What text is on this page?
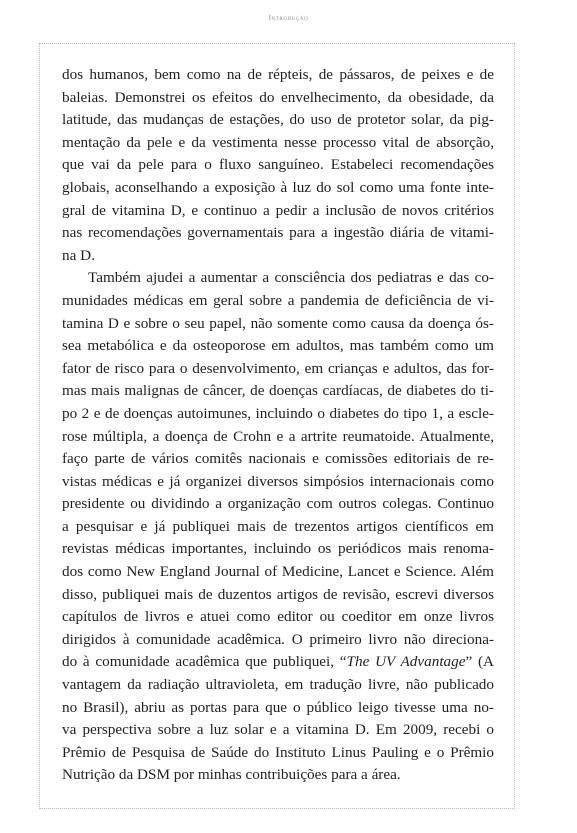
Introdução
dos humanos, bem como na de répteis, de pássaros, de peixes e de
baleias. Demonstrei os efeitos do envelhecimento, da obesidade, da
latitude, das mudanças de estações, do uso de protetor solar, da pig-
mentação da pele e da vestimenta nesse processo vital de absorção,
que vai da pele para o fluxo sanguíneo. Estabeleci recomendações
globais, aconselhando a exposição à luz do sol como uma fonte inte-
gral de vitamina D, e continuo a pedir a inclusão de novos critérios
nas recomendações governamentais para a ingestão diária de vitami-
na D.
Também ajudei a aumentar a consciência dos pediatras e das co-
munidades médicas em geral sobre a pandemia de deficiência de vi-
tamina D e sobre o seu papel, não somente como causa da doença ós-
sea metabólica e da osteoporose em adultos, mas também como um
fator de risco para o desenvolvimento, em crianças e adultos, das for-
mas mais malignas de câncer, de doenças cardíacas, de diabetes do ti-
po 2 e de doenças autoimunes, incluindo o diabetes do tipo 1, a escle-
rose múltipla, a doença de Crohn e a artrite reumatoide. Atualmente,
faço parte de vários comitês nacionais e comissões editoriais de re-
vistas médicas e já organizei diversos simpósios internacionais como
presidente ou dividindo a organização com outros colegas. Continuo
a pesquisar e já publiquei mais de trezentos artigos científicos em
revistas médicas importantes, incluindo os periódicos mais renoma-
dos como New England Journal of Medicine, Lancet e Science. Além
disso, publiquei mais de duzentos artigos de revisão, escrevi diversos
capítulos de livros e atuei como editor ou coeditor em onze livros
dirigidos à comunidade acadêmica. O primeiro livro não direciona-
do à comunidade acadêmica que publiquei, “The UV Advantage” (A
vantagem da radiação ultravioleta, em tradução livre, não publicado
no Brasil), abriu as portas para que o público leigo tivesse uma no-
va perspectiva sobre a luz solar e a vitamina D. Em 2009, recebi o
Prêmio de Pesquisa de Saúde do Instituto Linus Pauling e o Prêmio
Nutrição da DSM por minhas contribuições para a área.
